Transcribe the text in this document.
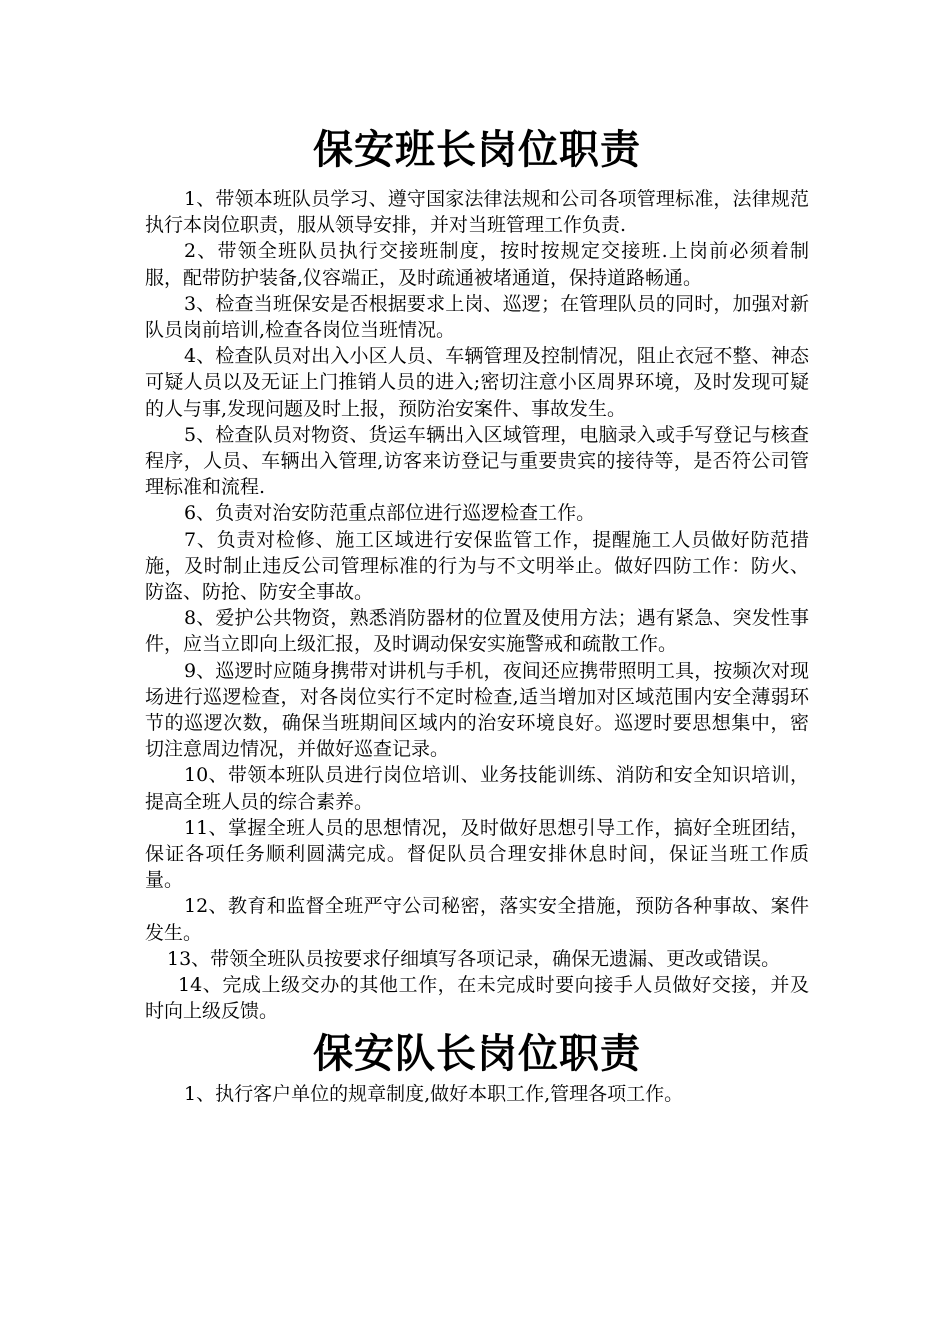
保安班长岗位职责

1、带领本班队员学习、遵守国家法律法规和公司各项管理标准，法律规范执行本岗位职责，服从领导安排，并对当班管理工作负责.

2、带领全班队员执行交接班制度，按时按规定交接班.上岗前必须着制服，配带防护装备,仪容端正，及时疏通被堵通道，保持道路畅通。

3、检查当班保安是否根据要求上岗、巡逻；在管理队员的同时，加强对新队员岗前培训,检查各岗位当班情况。

4、检查队员对出入小区人员、车辆管理及控制情况，阻止衣冠不整、神态可疑人员以及无证上门推销人员的进入;密切注意小区周界环境，及时发现可疑的人与事,发现问题及时上报，预防治安案件、事故发生。

5、检查队员对物资、货运车辆出入区域管理，电脑录入或手写登记与核查程序，人员、车辆出入管理,访客来访登记与重要贵宾的接待等，是否符公司管理标准和流程.

6、负责对治安防范重点部位进行巡逻检查工作。

7、负责对检修、施工区域进行安保监管工作，提醒施工人员做好防范措施，及时制止违反公司管理标准的行为与不文明举止。做好四防工作：防火、防盗、防抢、防安全事故。

8、爱护公共物资，熟悉消防器材的位置及使用方法；遇有紧急、突发性事件，应当立即向上级汇报，及时调动保安实施警戒和疏散工作。

9、巡逻时应随身携带对讲机与手机，夜间还应携带照明工具，按频次对现场进行巡逻检查，对各岗位实行不定时检查,适当增加对区域范围内安全薄弱环节的巡逻次数，确保当班期间区域内的治安环境良好。巡逻时要思想集中，密切注意周边情况，并做好巡查记录。

10、带领本班队员进行岗位培训、业务技能训练、消防和安全知识培训，提高全班人员的综合素养。

11、掌握全班人员的思想情况，及时做好思想引导工作，搞好全班团结，保证各项任务顺利圆满完成。督促队员合理安排休息时间，保证当班工作质量。

12、教育和监督全班严守公司秘密，落实安全措施，预防各种事故、案件发生。

13、带领全班队员按要求仔细填写各项记录，确保无遗漏、更改或错误。

14、完成上级交办的其他工作，在未完成时要向接手人员做好交接，并及时向上级反馈。

保安队长岗位职责

1、执行客户单位的规章制度,做好本职工作,管理各项工作。
